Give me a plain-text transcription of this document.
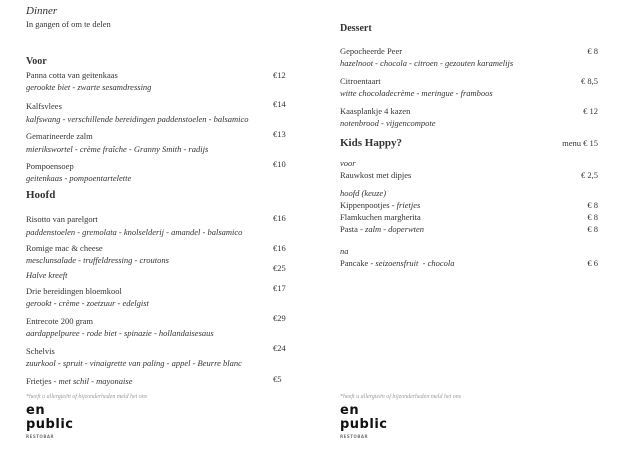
Dinner
In gangen of om te delen
Voor
Panna cotta van geitenkaas
gerookte biet - zwarte sesamdressing
€12
Kalfsvlees
kalfswang - verschillende bereidingen paddenstoelen - balsamico
€14
Gemarineerde zalm
mierikswortel - crème fraîche - Granny Smith - radijs
€13
Pompoensoep
geitenkaas - pompoentartelette
€10
Hoofd
Risotto van parelgort
paddenstoelen - gremolata - knolselderij - amandel - balsamico
€16
Romige mac & cheese
mesclunsalade - truffeldressing - croutons
€16
Halve kreeft
€25
Drie bereidingen bloemkool
gerookt - crème - zoetzuur - edelgist
€17
Entrecote 200 gram
aardappelpuree - rode biet - spinazie - hollandaisesaus
€29
Schelvis
zuurkool - spruit - vinaigrette van paling - appel - Beurre blanc
€24
Frietjes - met schil - mayonaise	€5
*heeft u allergieën of bijzonderheden meld het ons
en
public
RESTOBAR
Dessert
Gepocheerde Peer
hazelnoot - chocola - citroen - gezouten karamelijs
€ 8
Citroentaart
witte chocoladecrème - meringue - framboos
€ 8,5
Kaasplankje 4 kazen
notenbrood - vijgencompote
€ 12
Kids Happy?	menu € 15
voor
Rauwkost met dipjes	€ 2,5
hoofd (keuze)
Kippenpootjes - frietjes	€ 8
Flamkuchen margherita	€ 8
Pasta - zalm - doperwten	€ 8
na
Pancake - seizoensfruit  - chocola	€ 6
*heeft u allergieën of bijzonderheden meld het ons
en
public
RESTOBAR
